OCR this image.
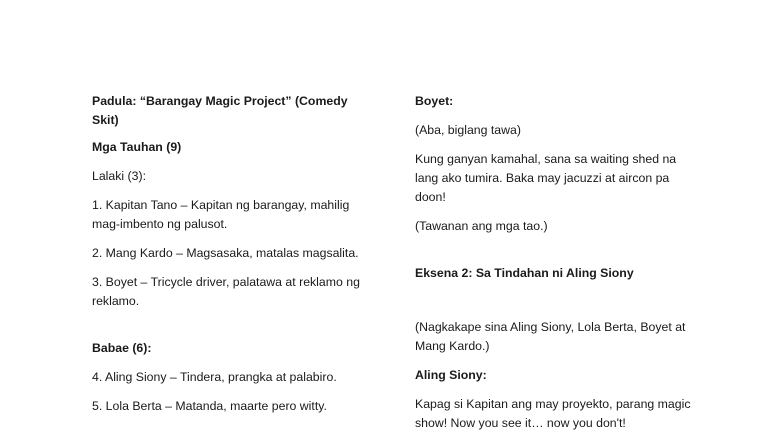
Padula: “Barangay Magic Project” (Comedy Skit)

Mga Tauhan (9)

Lalaki (3):

1. Kapitan Tano – Kapitan ng barangay, mahilig mag-imbento ng palusot.

2. Mang Kardo – Magsasaka, matalas magsalita.

3. Boyet – Tricycle driver, palatawa at reklamo ng reklamo.

Babae (6):

4. Aling Siony – Tindera, prangka at palabiro.

5. Lola Berta – Matanda, maarte pero witty.

Boyet:

(Aba, biglang tawa)

Kung ganyan kamahal, sana sa waiting shed na lang ako tumira. Baka may jacuzzi at aircon pa doon!

(Tawanan ang mga tao.)

Eksena 2: Sa Tindahan ni Aling Siony

(Nagkakape sina Aling Siony, Lola Berta, Boyet at Mang Kardo.)

Aling Siony:

Kapag si Kapitan ang may proyekto, parang magic show! Now you see it… now you don't!
